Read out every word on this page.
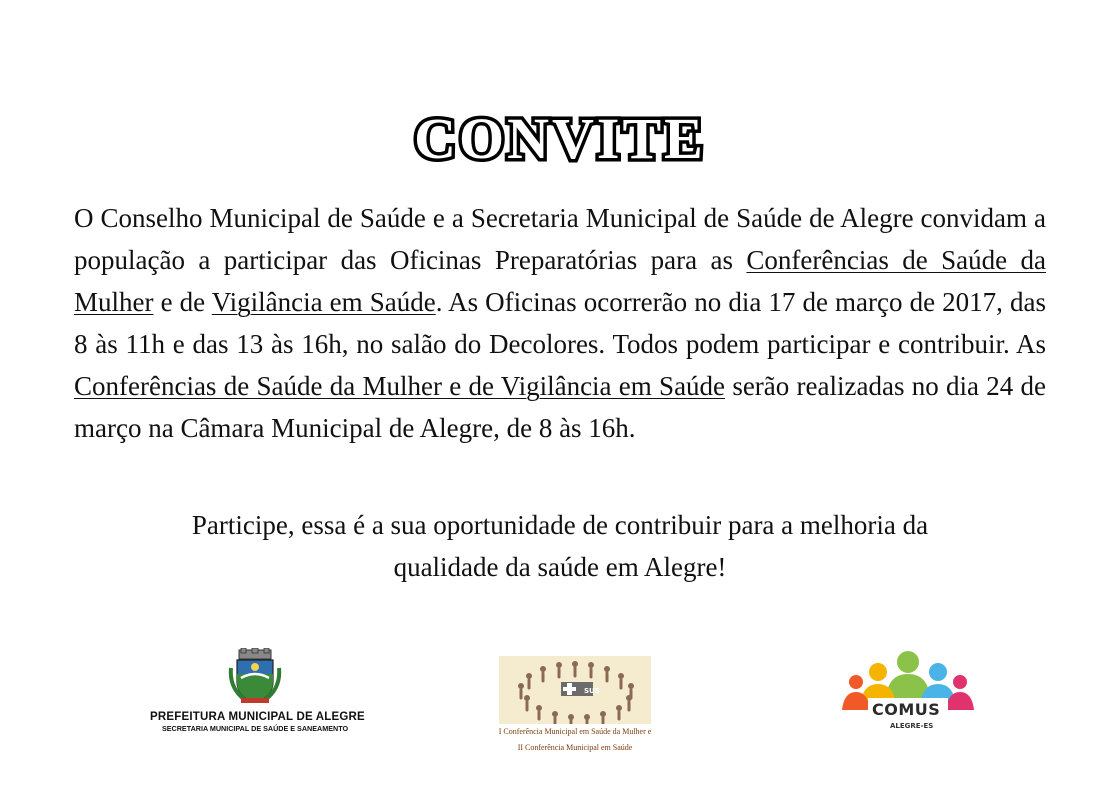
CONVITE

O Conselho Municipal de Saúde e a Secretaria Municipal de Saúde de Alegre convidam a população a participar das Oficinas Preparatórias para as Conferências de Saúde da Mulher e de Vigilância em Saúde. As Oficinas ocorrerão no dia 17 de março de 2017, das 8 às 11h e das 13 às 16h, no salão do Decolores. Todos podem participar e contribuir. As Conferências de Saúde da Mulher e de Vigilância em Saúde serão realizadas no dia 24 de março na Câmara Municipal de Alegre, de 8 às 16h.

Participe, essa é a sua oportunidade de contribuir para a melhoria da
qualidade da saúde em Alegre!

PREFEITURA MUNICIPAL DE ALEGRE
SECRETARIA MUNICIPAL DE SAÚDE E SANEAMENTO
SUS
I Conferência Municipal em Saúde da Mulher e
II Conferência Municipal em Saúde
COMUS
ALEGRE-ES
